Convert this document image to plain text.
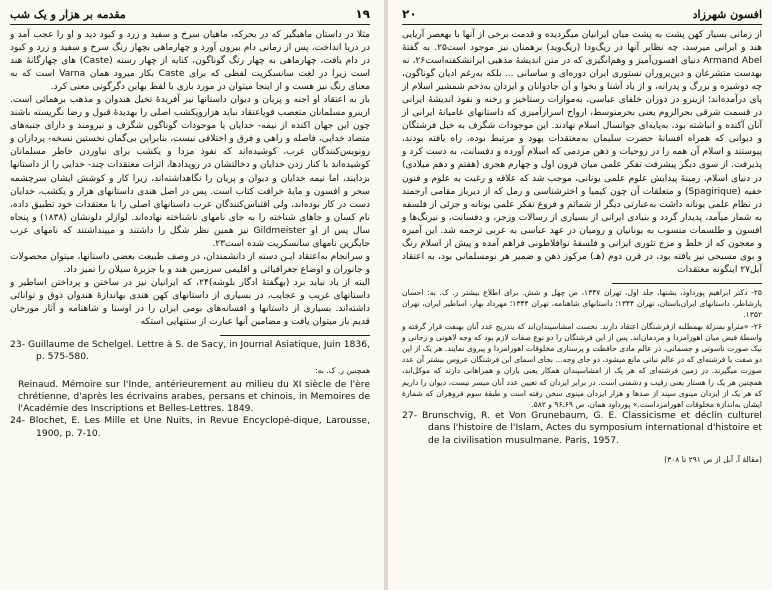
۱۹
مقدمه بر هزار و یک شب

مثلا در داستان ماهیگیر که در بحرکه، ماهیان سرخ و سفید و زرد و کبود دید و او را عجب آمد و در دریا انداخت، پس از زمانی دام بیرون آورد و چهارماهی بچهار رنگ سرخ و سفید و زرد و کبود در دام یافت، چهارماهی به چهار رنگ گوناگون، کنایه از چهار رسته (Caste) های چهارگانهٔ هند است زیرا در لغت سانسکریت لفظی که برای Caste بکار میرود همان Varna است که به معنای رنگ نیز هست و از اینجا میتوان در مورد بازی با لفظ بهاین دگرگونی معنی کرد.

باز به اعتقاد او اجنه و پریان و دیوان داستانها نیز آفریدهٔ تخیل هندوان و مذهب برهمائی است. ازینرو مسلمانان متعصب قویاعتقاد نباید هزارویکشب اصلی را بهدیدهٔ قبول و رضا نگریسته باشند چون این جهان اکنده از نیمه- خدایان یا موجودات گوناگون شگرف و نیرومند و دارای جنبه‌های متضاد خدایی، فاصله و راهی و فرق و اختلافی نیست، بنابراین بی‌گمان نخستین نسخه- پردازان و رونویس‌کنندگان عرب، کوشیده‌اند که نفوذ مزدا و یکشب برای نیاوردن خاطر مسلمانان کوشیده‌اند با کنار زدن خدایان و دخالتشان در رویدادها، اثرات معتقدات چند- خدایی را از داستانها بزدایند، اما نیمه خدایان و دیوان و پریان را نگاهداشته‌اند، زیرا کار و کوشش ایشان سرچشمه سحر و افسون و مایهٔ خرافت کتاب است. پس در اصل هندی داستانهای هزار و یکشب، خدایان دست در کار بوده‌اند، ولی اقتباس‌کنندگان عرب داستانهای اصلی را با معتقدات خود تطبیق داده، نام کسان و جاهای شناخته را به‌ جای نامهای ناشناخته نهاده‌اند. لوازلر دلونشان (۱۸۳۸) و پنجاه سال پس از او Gildmeister نیز همین نظر شگل را داشتند و میپنداشتند که نامهای عرب جایگزین نامهای سانسکریت شده است۲۳.

و سرانجام به‌اعتقاد ایـن دسته از دانشمندان، در وصف طبیعت بعضی داستانها، میتوان محصولات و جانوران و اوضاع جغرافیائی و اقلیمی سرزمین هند و یا جزیرهٔ سیلان را تمیز داد.

البته از یاد نباید برد (بهگفتهٔ ادگار بلوشه)۲۴، که ایرانیان نیز در ساختن و پرداختن اساطیر و داستانهای غریب و عجایب، در بسیاری از داستانهای کهن هندی بهاندازهٔ هندوان ذوق و توانائی داشته‌اند. بسیاری از داستانها و افسانه‌های بومی ایران را در اوستا و شاهنامه و آثار مورخان قدیم باز میتوان یافت و مضامین آنها عبارت از ستنهایی استکه

23- Guillaume de Schelgel. Lettre à S. de Sacy, in Journal Asiatique, Juin 1836, p. 575-580.

همچنین ر. ک. به:

Reinaud. Mémoire sur l'Inde, antérieurement au milieu du XI siècle de l'ère chrétienne, d'après les écrivains arabes, persans et chinois, in Memoires de l'Académie des Inscriptions et Belles-Lettres. 1849.

24- Blochet, E. Les Mille et Une Nuits, in Revue Encyclopé-dique, Larousse, 1900, p. 7-10.

افسون شهرزاد
۲۰

از زمانی بسیار کهن پشت به پشت میان ایرانیان میگردیده و قدمت برخی از آنها با بهعصر آریایی هند و ایرانی میرسد، چه نظایر آنها در ریگ‌ودا (ریگ‌وید) برهمنان نیز موجود است۲۵. به گفتهٔ Armand Abel دنیای افسون‌آمیز و وهم‌انگیزی که در متن اندیشهٔ مذهبی ایرانشکفته‌است۲۶، نه بهدست متشرعان و دین‌پروران نستوری ایران دوره‌ای و ساسانی ... بلکه به‌رغم ادیان گوناگون، چه دوشیزه و بزرگ و پدرانه، و از یاد آشنا و بخوا و آن جادوانان و ایزدان به‌ذخم شمشیر اسلام از پای درآمده‌اند؛ ازینرو در دوران خلفای عباسی، به‌موازات رستاخیز و رخنه و نفوذ اندیشهٔ ایرانی در قسمت شرقی بحرالروم یعنی بحرمتوسط، ارواح اسرارآمیزی که داستانهای عامیانهٔ ایرانی از آنان آکنده و انباشته بود، به‌پایه‌ای جوانسال اسلام نهادند. این موجودات شگرف به خیل فرشتگان و دیوانی که همراه افسانهٔ حضرت سلیمان به‌معتقدات یهود و مرتبط بوده، راه یافته بودند، پیوستند و اسلام آن همه را در روحیات و ذهن مردمی که اسلام آورده و دفسانت، به دست کرد و پذیرفت. از سوی دیگر پیشرفت تفکر علمی میان قرون اول و چهارم هجری (هفتم و دهم میلادی) در دنیای اسلام، زمینهٔ پیدایش علوم علمی یونانی، موجب شد که علاقه و رغبت به علوم و فنون خفیه (Spagirique) و متعلقات آن چون کیمیا و اخترشناسی و رمل که از دیرباز مقامی ارجمند در نظام علمی یونانه داشت به‌عبارتی دیگر از شماتم و فروع تفکر علمی یونانه و جزئی از فلسفه به شمار میآمد، پدیدار گردد و بنیادی ایرانی از بسیاری از رسالات وزجر، و دفسانت، و نیرنگ‌ها و افسون و طلسمات منسوب به یونانیان و رومیان در عهد عباسی به عربی ترجمه شد. این آمیزه و معجون که از خلط و مزج تئوری ایرانی و فلسفهٔ نوافلاطونی فراهم آمده و پیش از اسلام رنگ و بوی مسیحی نیز یافته بود، در قرن دوم (هـ) مرکوز ذهن و ضمیر هر نومسلمانی بود، به اعتقاد آبل۲۷ اینگونه معتقدات

۲۵- دکتر ابراهیم پورداود، یشتها، جلد اول، تهران ۱۳۴۷، ص چهل و شش. برای اطلاع بیشتر ر. ک. به: احسان یارشاطر، داستانهای ایران‌باستان، تهران ۱۳۴۴؛ داستانهای شاهنامه، تهران ۱۳۴۴؛ مهرداد بهار، اساطیر ایران، تهران ۱۳۵۲.

۲۶- «مثراو بمنزلهٔ بهمطلبه ازفرشتگان اعتقاد دارند. نخست امشاسپندان‌اند که بتدریج عدد آنان بهنفت قرار گرفته و واسطهٔ فیض میان اهورامزدا و مردمان‌اند. پس از این فرشتگان را دو نوع صفات لازم بود که وجه لاهوتی و رحانی و نیک صورت ناسوتی و جسمانی، در عالم مادی حافظت و پرستاری مخلوقات اهورامزدا و پیروی نمایند. هر یک از این دو صفت یا فرشته‌ای که در عالم نباتی مانع میشود، دو جای وجه... بجای اسمای این فرشتگان عروس بیشتر آن عدد صورت میگیرند. در زمین فرشته‌ای که هر یک از امشاسپندان همکار یعنی یاران و همراهانی دارند که موکل‌اند، همچنین هر یک را هستار یعنی رقیب و دشمنی است. در برابر ایزدان که تعیین عدد آنان میسر نیست، دیوان را داریم که هر یک از ایزدان مینوی سپند از صدها و هزار ایزدان مینوی سخن رفته است و طبقهٔ سوم فروهران که شمارهٔ ایشان به‌اندازهٔ مخلوقات اهورامزداست.» پورداود همان، ص ۶۹ـ۹۶ و ۵۸۲.

27- Brunschvig, R. et Von Grunebaum, G. E. Classicisme et déclin culturel dans l'histoire de l'Islam, Actes du symposium international d'histoire et de la civilisation musulmane. Paris, 1957.

(مقالهٔ آ. آبل از ص ۲۹۱ تا ۳۰۸)
